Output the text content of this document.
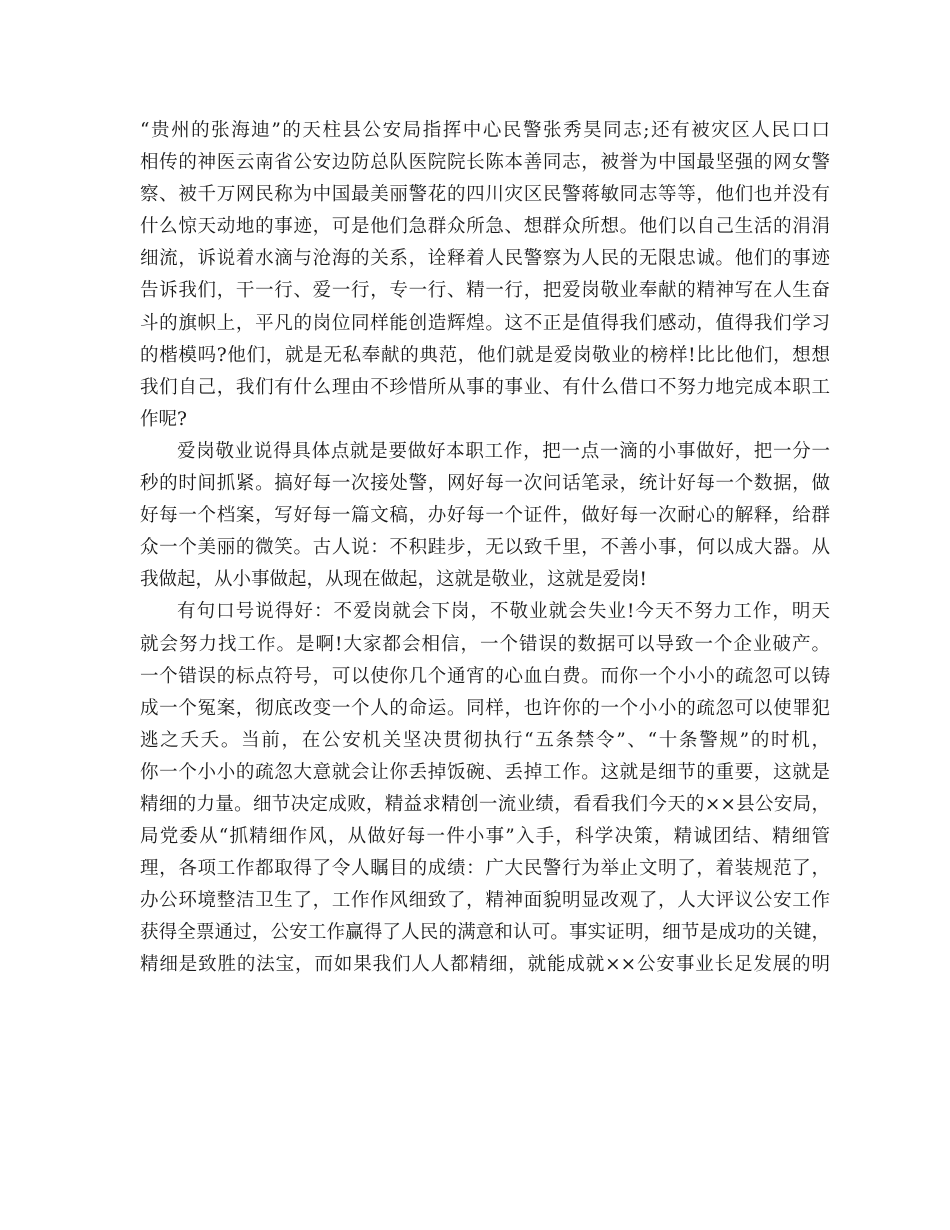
“贵州的张海迪”的天柱县公安局指挥中心民警张秀昊同志;还有被灾区人民口口
相传的神医云南省公安边防总队医院院长陈本善同志，被誉为中国最坚强的网女警
察、被千万网民称为中国最美丽警花的四川灾区民警蒋敏同志等等，他们也并没有
什么惊天动地的事迹，可是他们急群众所急、想群众所想。他们以自己生活的涓涓
细流，诉说着水滴与沧海的关系，诠释着人民警察为人民的无限忠诚。他们的事迹
告诉我们，干一行、爱一行，专一行、精一行，把爱岗敬业奉献的精神写在人生奋
斗的旗帜上，平凡的岗位同样能创造辉煌。这不正是值得我们感动，值得我们学习
的楷模吗?他们，就是无私奉献的典范，他们就是爱岗敬业的榜样!比比他们，想想
我们自己，我们有什么理由不珍惜所从事的事业、有什么借口不努力地完成本职工
作呢?
爱岗敬业说得具体点就是要做好本职工作，把一点一滴的小事做好，把一分一
秒的时间抓紧。搞好每一次接处警，网好每一次问话笔录，统计好每一个数据，做
好每一个档案，写好每一篇文稿，办好每一个证件，做好每一次耐心的解释，给群
众一个美丽的微笑。古人说：不积跬步，无以致千里，不善小事，何以成大器。从
我做起，从小事做起，从现在做起，这就是敬业，这就是爱岗!
有句口号说得好：不爱岗就会下岗，不敬业就会失业!今天不努力工作，明天
就会努力找工作。是啊!大家都会相信，一个错误的数据可以导致一个企业破产。
一个错误的标点符号，可以使你几个通宵的心血白费。而你一个小小的疏忽可以铸
成一个冤案，彻底改变一个人的命运。同样，也许你的一个小小的疏忽可以使罪犯
逃之夭夭。当前，在公安机关坚决贯彻执行“五条禁令”、“十条警规”的时机，
你一个小小的疏忽大意就会让你丢掉饭碗、丢掉工作。这就是细节的重要，这就是
精细的力量。细节决定成败，精益求精创一流业绩，看看我们今天的××县公安局，
局党委从“抓精细作风，从做好每一件小事”入手，科学决策，精诚团结、精细管
理，各项工作都取得了令人瞩目的成绩：广大民警行为举止文明了，着装规范了，
办公环境整洁卫生了，工作作风细致了，精神面貌明显改观了，人大评议公安工作
获得全票通过，公安工作赢得了人民的满意和认可。事实证明，细节是成功的关键，
精细是致胜的法宝，而如果我们人人都精细，就能成就××公安事业长足发展的明
